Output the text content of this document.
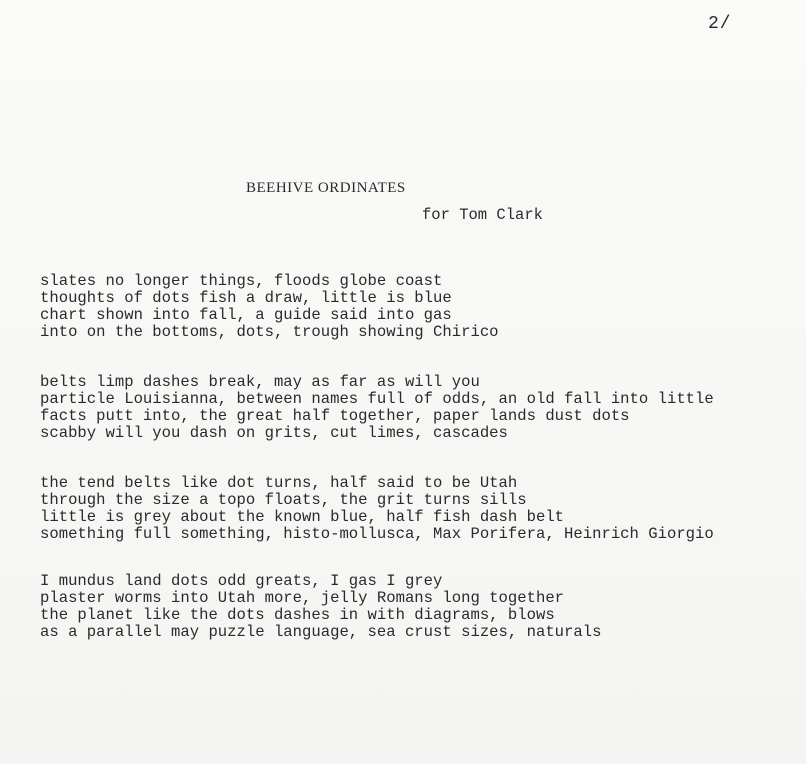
2/
BEEHIVE ORDINATES
for Tom Clark
slates no longer things, floods globe coast
thoughts of dots fish a draw, little is blue
chart shown into fall, a guide said into gas
into on the bottoms, dots, trough showing Chirico
belts limp dashes break, may as far as will you
particle Louisianna, between names full of odds, an old fall into little
facts putt into, the great half together, paper lands dust dots
scabby will you dash on grits, cut limes, cascades
the tend belts like dot turns, half said to be Utah
through the size a topo floats, the grit turns sills
little is grey about the known blue, half fish dash belt
something full something, histo-mollusca, Max Porifera, Heinrich Giorgio
I mundus land dots odd greats, I gas I grey
plaster worms into Utah more, jelly Romans long together
the planet like the dots dashes in with diagrams, blows
as a parallel may puzzle language, sea crust sizes, naturals
